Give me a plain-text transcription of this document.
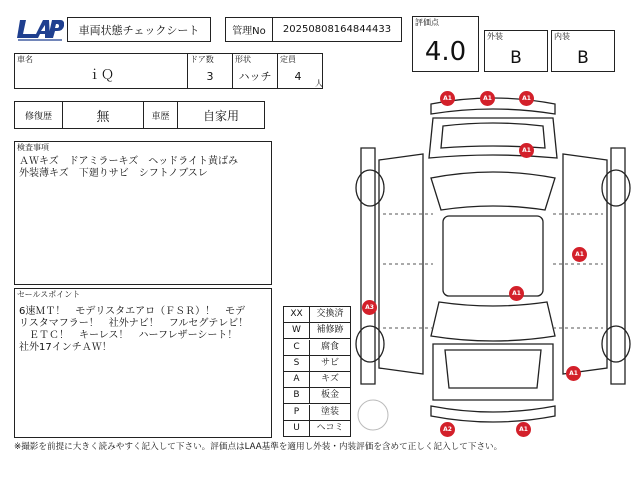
車両状態チェックシート	管理No 20250808164844433
評価点
4.0
外装
B
内装
B
車名
ｉＱ
ドア数
3
形状
ハッチ
定員
4
人
修復歴	無	車歴	自家用
検査事項
ＡＷキズ　ドアミラーキズ　ヘッドライト黄ばみ
外装薄キズ　下廻りサビ　シフトノブスレ
セールスポイント
6速ＭＴ！　モデリスタエアロ（ＦＳＲ）！　モデ
リスタマフラー！　社外ナビ！　フルセグテレビ！
　ＥＴＣ！　キーレス！　ハーフレザーシート！
社外17インチＡＷ！
XX	交換済
W	補修跡
C	腐食
S	サビ
A	キズ
B	板金
P	塗装
U	ヘコミ
A1	A1	A1
A1
A1
A1
A3
A1
A2	A1
※撮影を前提に大きく読みやすく記入して下さい。評価点はLAA基準を適用し外装・内装評価を含めて正しく記入して下さい。
